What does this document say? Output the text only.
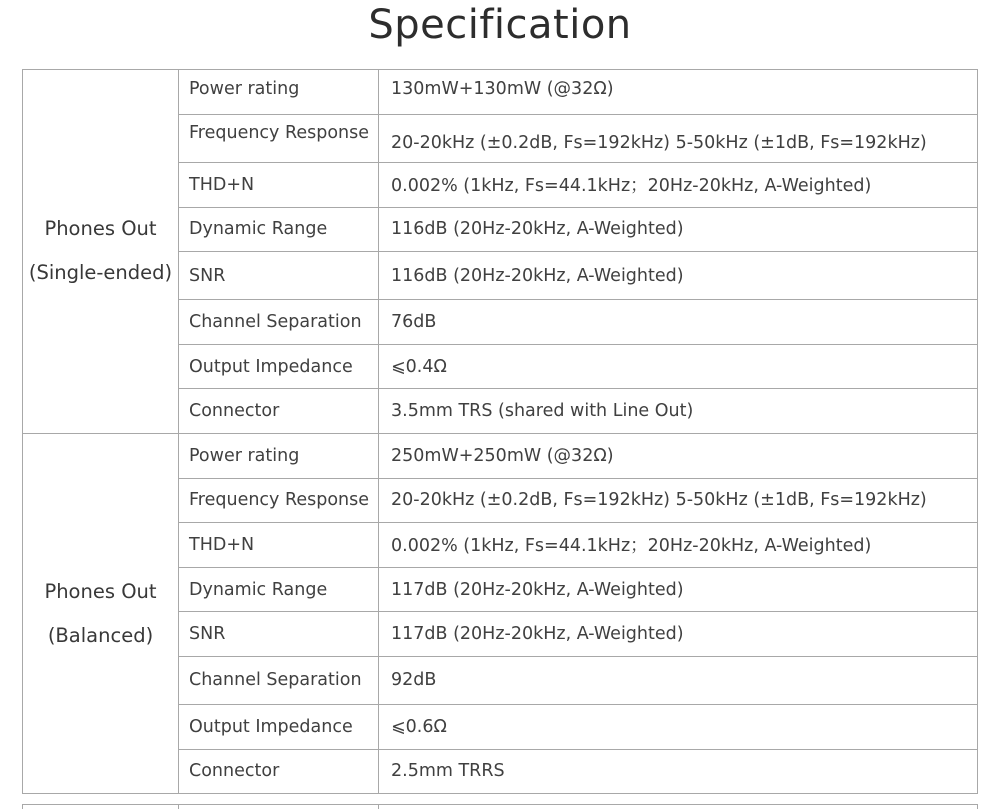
Specification
Phones Out
(Single-ended)	Power rating	130mW+130mW (@32Ω)
	Frequency Response	20-20kHz (±0.2dB, Fs=192kHz) 5-50kHz (±1dB, Fs=192kHz)
	THD+N	0.002% (1kHz, Fs=44.1kHz；20Hz-20kHz, A-Weighted)
	Dynamic Range	116dB (20Hz-20kHz, A-Weighted)
	SNR	116dB (20Hz-20kHz, A-Weighted)
	Channel Separation	76dB
	Output Impedance	⩽0.4Ω
	Connector	3.5mm TRS (shared with Line Out)

Phones Out
(Balanced)	Power rating	250mW+250mW (@32Ω)
	Frequency Response	20-20kHz (±0.2dB, Fs=192kHz) 5-50kHz (±1dB, Fs=192kHz)
	THD+N	0.002% (1kHz, Fs=44.1kHz；20Hz-20kHz, A-Weighted)
	Dynamic Range	117dB (20Hz-20kHz, A-Weighted)
	SNR	117dB (20Hz-20kHz, A-Weighted)
	Channel Separation	92dB
	Output Impedance	⩽0.6Ω
	Connector	2.5mm TRRS
